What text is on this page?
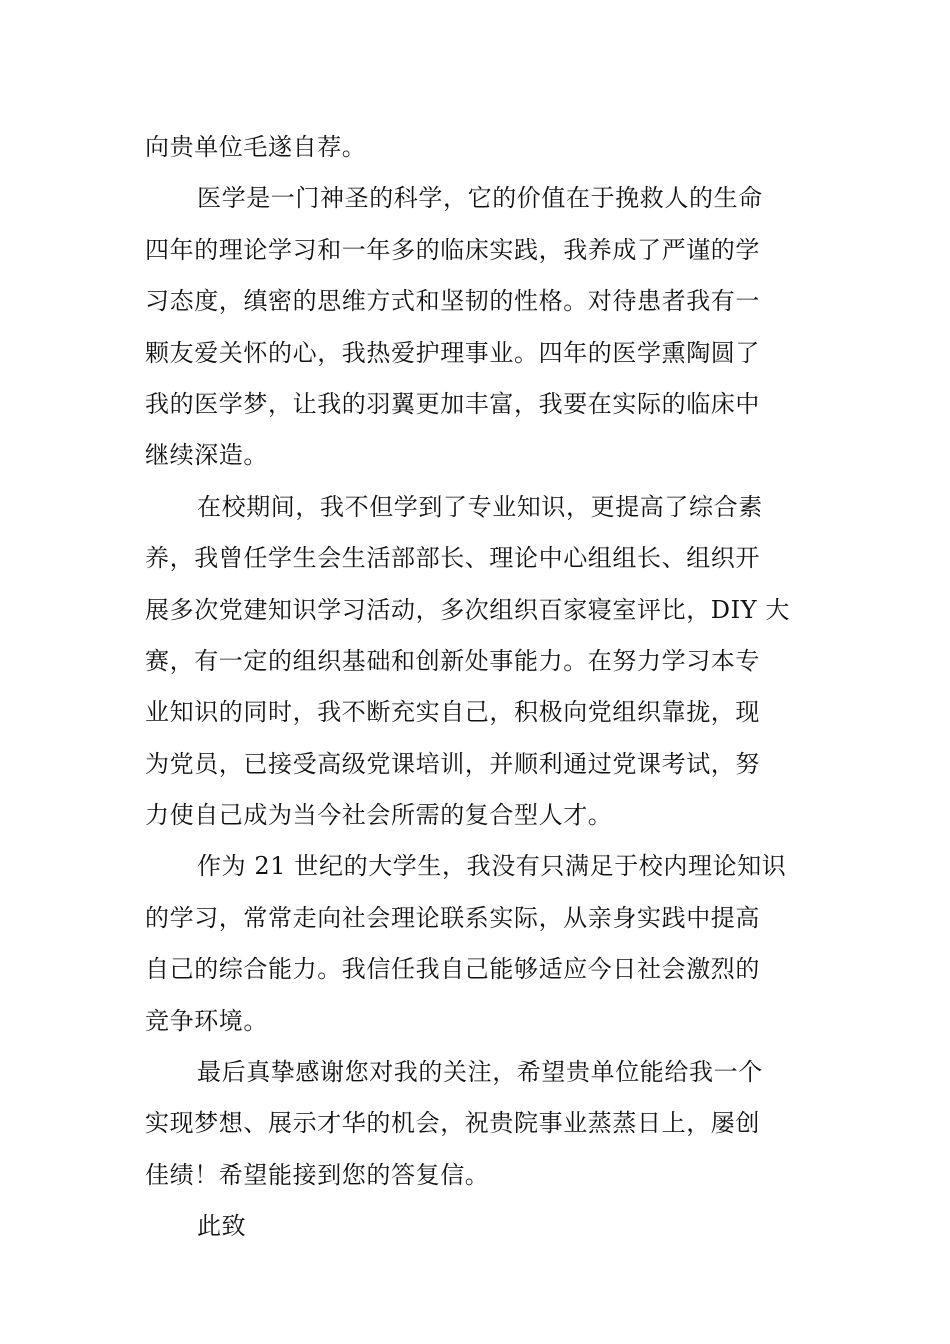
向贵单位毛遂自荐。
医学是一门神圣的科学，它的价值在于挽救人的生命
四年的理论学习和一年多的临床实践，我养成了严谨的学
习态度，缜密的思维方式和坚韧的性格。对待患者我有一
颗友爱关怀的心，我热爱护理事业。四年的医学熏陶圆了
我的医学梦，让我的羽翼更加丰富，我要在实际的临床中
继续深造。
在校期间，我不但学到了专业知识，更提高了综合素
养，我曾任学生会生活部部长、理论中心组组长、组织开
展多次党建知识学习活动，多次组织百家寝室评比，DIY 大
赛，有一定的组织基础和创新处事能力。在努力学习本专
业知识的同时，我不断充实自己，积极向党组织靠拢，现
为党员，已接受高级党课培训，并顺利通过党课考试，努
力使自己成为当今社会所需的复合型人才。
作为 21 世纪的大学生，我没有只满足于校内理论知识
的学习，常常走向社会理论联系实际，从亲身实践中提高
自己的综合能力。我信任我自己能够适应今日社会激烈的
竞争环境。
最后真挚感谢您对我的关注，希望贵单位能给我一个
实现梦想、展示才华的机会，祝贵院事业蒸蒸日上，屡创
佳绩！希望能接到您的答复信。
此致
